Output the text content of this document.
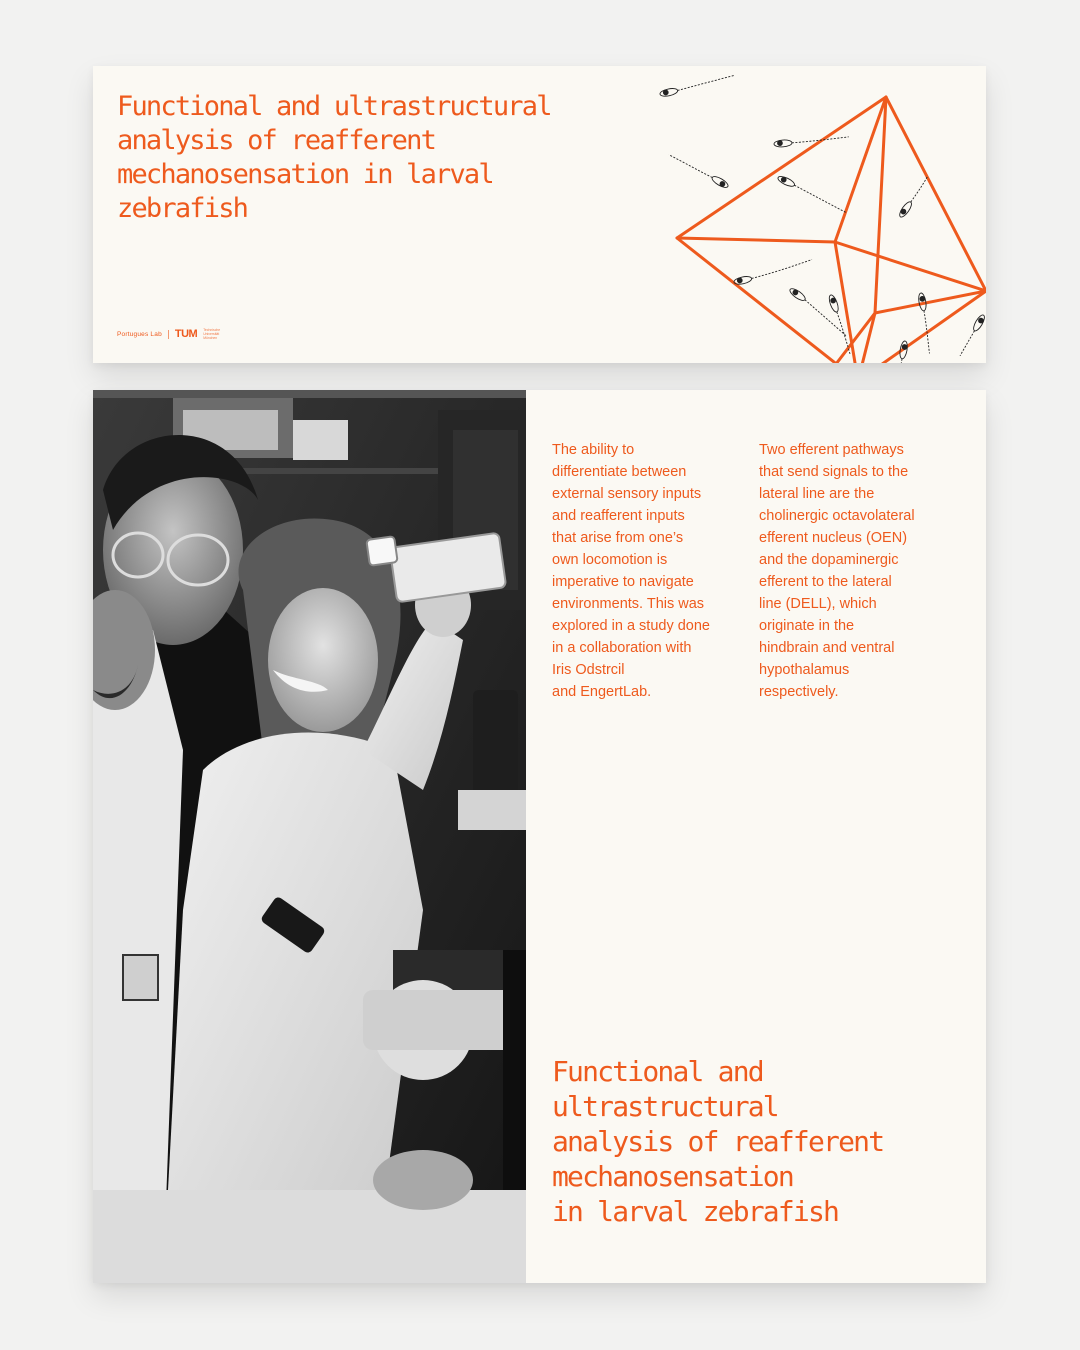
Functional and ultrastructural
analysis of reafferent
mechanosensation in larval
zebrafish
Portugues Lab TUM Technische
Universität
München

The ability to
differentiate between
external sensory inputs
and reafferent inputs
that arise from one’s
own locomotion is
imperative to navigate
environments. This was
explored in a study done
in a collaboration with
Iris Odstrcil
and EngertLab.

Two efferent pathways
that send signals to the
lateral line are the
cholinergic octavolateral
efferent nucleus (OEN)
and the dopaminergic
efferent to the lateral
line (DELL), which
originate in the
hindbrain and ventral
hypothalamus
respectively.

Functional and
ultrastructural
analysis of reafferent
mechanosensation
in larval zebrafish
